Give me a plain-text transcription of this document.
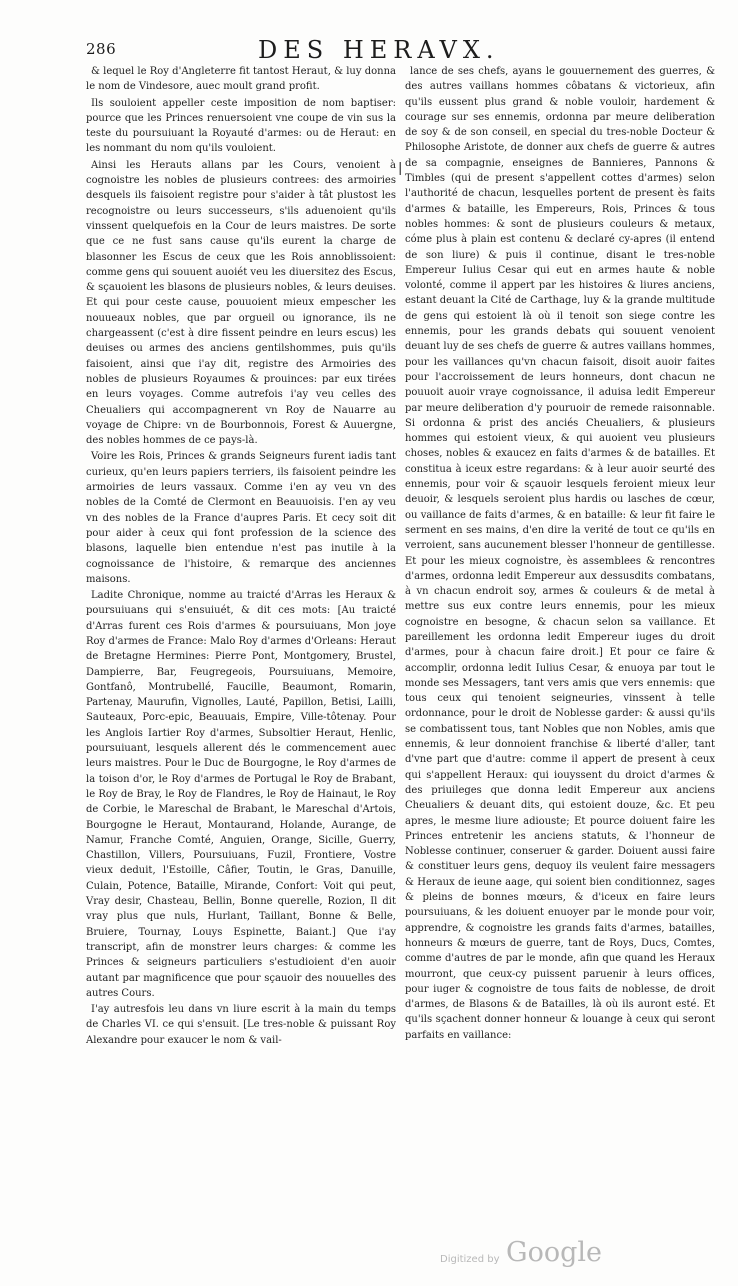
286	DES HERAVX.

& lequel le Roy d'Angleterre fit tantost Heraut, & luy donna le nom de Vindesore, auec moult grand profit.

Ils souloient appeller ceste imposition de nom baptiser: pource que les Princes renuersoient vne coupe de vin sus la teste du poursuiuant la Royauté d'armes: ou de Heraut: en les nommant du nom qu'ils vouloient.

Ainsi les Herauts allans par les Cours, venoient à cognoistre les nobles de plusieurs contrees: des armoiries desquels ils faisoient registre pour s'aider à tât plustost les recognoistre ou leurs successeurs, s'ils aduenoient qu'ils vinssent quelquefois en la Cour de leurs maistres. De sorte que ce ne fust sans cause qu'ils eurent la charge de blasonner les Escus de ceux que les Rois annoblissoient: comme gens qui souuent auoiét veu les diuersitez des Escus, & sçauoient les blasons de plusieurs nobles, & leurs deuises. Et qui pour ceste cause, pouuoient mieux empescher les nouueaux nobles, que par orgueil ou ignorance, ils ne chargeassent (c'est à dire fissent peindre en leurs escus) les deuises ou armes des anciens gentilshommes, puis qu'ils faisoient, ainsi que i'ay dit, registre des Armoiries des nobles de plusieurs Royaumes & prouinces: par eux tirées en leurs voyages. Comme autrefois i'ay veu celles des Cheualiers qui accompagnerent vn Roy de Nauarre au voyage de Chipre: vn de Bourbonnois, Forest & Auuergne, des nobles hommes de ce pays-là.

Voire les Rois, Princes & grands Seigneurs furent iadis tant curieux, qu'en leurs papiers terriers, ils faisoient peindre les armoiries de leurs vassaux. Comme i'en ay veu vn des nobles de la Comté de Clermont en Beauuoisis. I'en ay veu vn des nobles de la France d'aupres Paris. Et cecy soit dit pour aider à ceux qui font profession de la science des blasons, laquelle bien entendue n'est pas inutile à la cognoissance de l'histoire, & remarque des anciennes maisons.

Ladite Chronique, nomme au traicté d'Arras les Heraux & poursuiuans qui s'ensuiuét, & dit ces mots: [Au traicté d'Arras furent ces Rois d'armes & poursuiuans, Mon joye Roy d'armes de France: Malo Roy d'armes d'Orleans: Heraut de Bretagne Hermines: Pierre Pont, Montgomery, Brustel, Dampierre, Bar, Feugregeois, Poursuiuans, Memoire, Gontfanô, Montrubellé, Faucille, Beaumont, Romarin, Partenay, Maurufin, Vignolles, Lauté, Papillon, Betisi, Lailli, Sauteaux, Porc-epic, Beauuais, Empire, Ville-tôtenay. Pour les Anglois Iartier Roy d'armes, Subsoltier Heraut, Henlic, poursuiuant, lesquels allerent dés le commencement auec leurs maistres. Pour le Duc de Bourgogne, le Roy d'armes de la toison d'or, le Roy d'armes de Portugal le Roy de Brabant, le Roy de Bray, le Roy de Flandres, le Roy de Hainaut, le Roy de Corbie, le Mareschal de Brabant, le Mareschal d'Artois, Bourgogne le Heraut, Montaurand, Holande, Aurange, de Namur, Franche Comté, Anguien, Orange, Sicille, Guerry, Chastillon, Villers, Poursuiuans, Fuzil, Frontiere, Vostre vieux deduit, l'Estoille, Câfier, Toutin, le Gras, Danuille, Culain, Potence, Bataille, Mirande, Confort: Voit qui peut, Vray desir, Chasteau, Bellin, Bonne querelle, Rozion, Il dit vray plus que nuls, Hurlant, Taillant, Bonne & Belle, Bruiere, Tournay, Louys Espinette, Baiant.] Que i'ay transcript, afin de monstrer leurs charges: & comme les Princes & seigneurs particuliers s'estudioient d'en auoir autant par magnificence que pour sçauoir des nouuelles des autres Cours.

I'ay autresfois leu dans vn liure escrit à la main du temps de Charles VI. ce qui s'ensuit. [Le tres-noble & puissant Roy Alexandre pour exaucer le nom & vail-

lance de ses chefs, ayans le gouuernement des guerres, & des autres vaillans hommes côbatans & victorieux, afin qu'ils eussent plus grand & noble vouloir, hardement & courage sur ses ennemis, ordonna par meure deliberation de soy & de son conseil, en special du tres-noble Docteur & Philosophe Aristote, de donner aux chefs de guerre & autres de sa compagnie, enseignes de Bannieres, Pannons & Timbles (qui de present s'appellent cottes d'armes) selon l'authorité de chacun, lesquelles portent de present ès faits d'armes & bataille, les Empereurs, Rois, Princes & tous nobles hommes: & sont de plusieurs couleurs & metaux, cóme plus à plain est contenu & declaré cy-apres (il entend de son liure) & puis il continue, disant le tres-noble Empereur Iulius Cesar qui eut en armes haute & noble volonté, comme il appert par les histoires & liures anciens, estant deuant la Cité de Carthage, luy & la grande multitude de gens qui estoient là où il tenoit son siege contre les ennemis, pour les grands debats qui souuent venoient deuant luy de ses chefs de guerre & autres vaillans hommes, pour les vaillances qu'vn chacun faisoit, disoit auoir faites pour l'accroissement de leurs honneurs, dont chacun ne pouuoit auoir vraye cognoissance, il aduisa ledit Empereur par meure deliberation d'y pouruoir de remede raisonnable. Si ordonna & prist des anciés Cheualiers, & plusieurs hommes qui estoient vieux, & qui auoient veu plusieurs choses, nobles & exaucez en faits d'armes & de batailles. Et constitua à iceux estre regardans: & à leur auoir seurté des ennemis, pour voir & sçauoir lesquels feroient mieux leur deuoir, & lesquels seroient plus hardis ou lasches de cœur, ou vaillance de faits d'armes, & en bataille: & leur fit faire le serment en ses mains, d'en dire la verité de tout ce qu'ils en verroient, sans aucunement blesser l'honneur de gentillesse. Et pour les mieux cognoistre, ès assemblees & rencontres d'armes, ordonna ledit Empereur aux dessusdits combatans, à vn chacun endroit soy, armes & couleurs & de metal à mettre sus eux contre leurs ennemis, pour les mieux cognoistre en besogne, & chacun selon sa vaillance. Et pareillement les ordonna ledit Empereur iuges du droit d'armes, pour à chacun faire droit.] Et pour ce faire & accomplir, ordonna ledit Iulius Cesar, & enuoya par tout le monde ses Messagers, tant vers amis que vers ennemis: que tous ceux qui tenoient seigneuries, vinssent à telle ordonnance, pour le droit de Noblesse garder: & aussi qu'ils se combatissent tous, tant Nobles que non Nobles, amis que ennemis, & leur donnoient franchise & liberté d'aller, tant d'vne part que d'autre: comme il appert de present à ceux qui s'appellent Heraux: qui iouyssent du droict d'armes & des priuileges que donna ledit Empereur aux anciens Cheualiers & deuant dits, qui estoient douze, &c. Et peu apres, le mesme liure adiouste; Et pource doiuent faire les Princes entretenir les anciens statuts, & l'honneur de Noblesse continuer, conseruer & garder. Doiuent aussi faire & constituer leurs gens, dequoy ils veulent faire messagers & Heraux de ieune aage, qui soient bien conditionnez, sages & pleins de bonnes mœurs, & d'iceux en faire leurs poursuiuans, & les doiuent enuoyer par le monde pour voir, apprendre, & cognoistre les grands faits d'armes, batailles, honneurs & mœurs de guerre, tant de Roys, Ducs, Comtes, comme d'autres de par le monde, afin que quand les Heraux mourront, que ceux-cy puissent paruenir à leurs offices, pour iuger & cognoistre de tous faits de noblesse, de droit d'armes, de Blasons & de Batailles, là où ils auront esté. Et qu'ils sçachent donner honneur & louange à ceux qui seront parfaits en vaillance:

|
Digitized by Google
